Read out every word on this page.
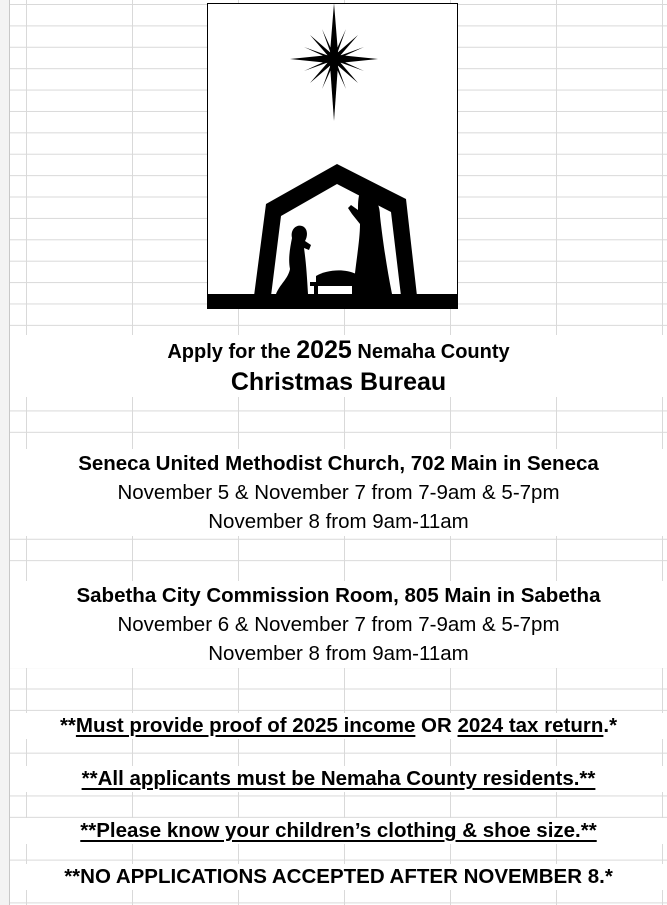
Apply for the 2025 Nemaha County
Christmas Bureau
Seneca United Methodist Church, 702 Main in Seneca
November 5 & November 7 from 7-9am & 5-7pm
November 8 from 9am-11am
Sabetha City Commission Room, 805 Main in Sabetha
November 6 & November 7 from 7-9am & 5-7pm
November 8 from 9am-11am
**Must provide proof of 2025 income OR 2024 tax return.*
**All applicants must be Nemaha County residents.**
**Please know your children’s clothing & shoe size.**
**NO APPLICATIONS ACCEPTED AFTER NOVEMBER 8.*
